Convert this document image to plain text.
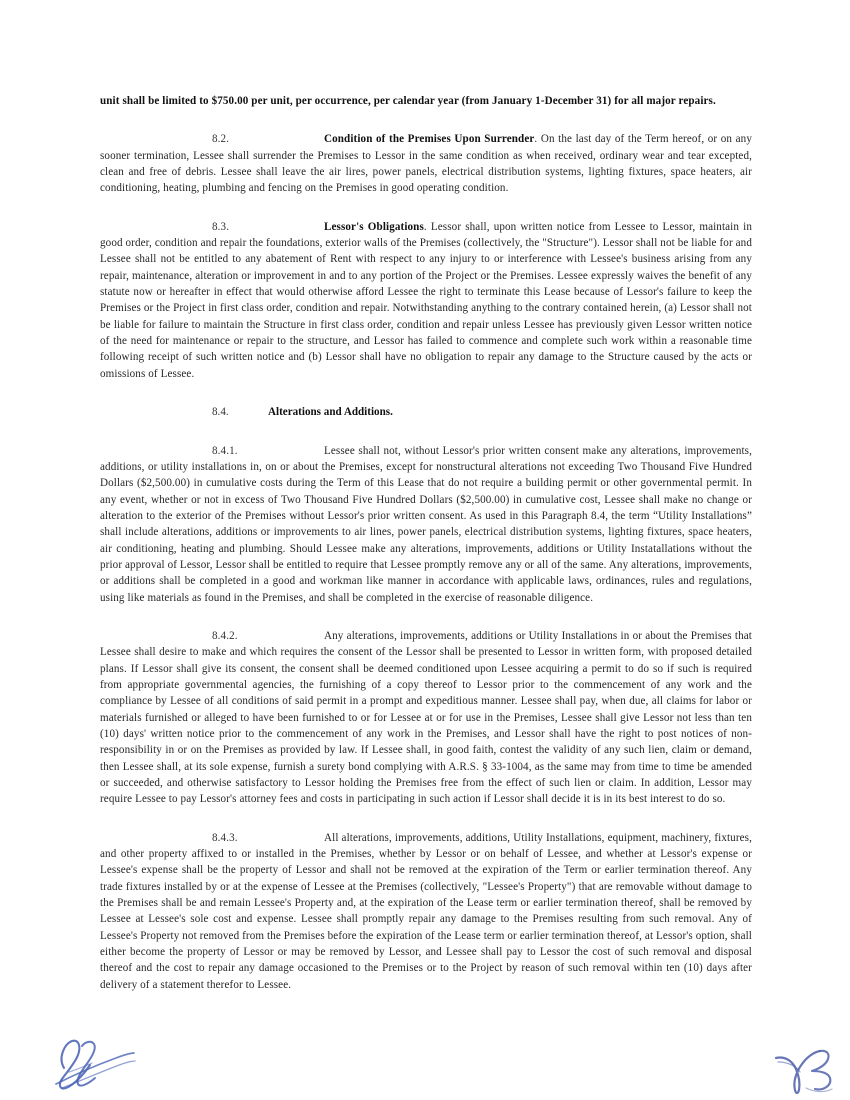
unit shall be limited to $750.00 per unit, per occurrence, per calendar year (from January 1-December 31) for all major repairs.

8.2.	Condition of the Premises Upon Surrender. On the last day of the Term hereof, or on any sooner termination, Lessee shall surrender the Premises to Lessor in the same condition as when received, ordinary wear and tear excepted, clean and free of debris. Lessee shall leave the air lires, power panels, electrical distribution systems, lighting fixtures, space heaters, air conditioning, heating, plumbing and fencing on the Premises in good operating condition.

8.3.	Lessor's Obligations. Lessor shall, upon written notice from Lessee to Lessor, maintain in good order, condition and repair the foundations, exterior walls of the Premises (collectively, the "Structure"). Lessor shall not be liable for and Lessee shall not be entitled to any abatement of Rent with respect to any injury to or interference with Lessee's business arising from any repair, maintenance, alteration or improvement in and to any portion of the Project or the Premises. Lessee expressly waives the benefit of any statute now or hereafter in effect that would otherwise afford Lessee the right to terminate this Lease because of Lessor's failure to keep the Premises or the Project in first class order, condition and repair. Notwithstanding anything to the contrary contained herein, (a) Lessor shall not be liable for failure to maintain the Structure in first class order, condition and repair unless Lessee has previously given Lessor written notice of the need for maintenance or repair to the structure, and Lessor has failed to commence and complete such work within a reasonable time following receipt of such written notice and (b) Lessor shall have no obligation to repair any damage to the Structure caused by the acts or omissions of Lessee.

8.4.	Alterations and Additions.

8.4.1.	Lessee shall not, without Lessor's prior written consent make any alterations, improvements, additions, or utility installations in, on or about the Premises, except for nonstructural alterations not exceeding Two Thousand Five Hundred Dollars ($2,500.00) in cumulative costs during the Term of this Lease that do not require a building permit or other governmental permit. In any event, whether or not in excess of Two Thousand Five Hundred Dollars ($2,500.00) in cumulative cost, Lessee shall make no change or alteration to the exterior of the Premises without Lessor's prior written consent. As used in this Paragraph 8.4, the term “Utility Installations” shall include alterations, additions or improvements to air lines, power panels, electrical distribution systems, lighting fixtures, space heaters, air conditioning, heating and plumbing. Should Lessee make any alterations, improvements, additions or Utility Instatallations without the prior approval of Lessor, Lessor shall be entitled to require that Lessee promptly remove any or all of the same. Any alterations, improvements, or additions shall be completed in a good and workman like manner in accordance with applicable laws, ordinances, rules and regulations, using like materials as found in the Premises, and shall be completed in the exercise of reasonable diligence.

8.4.2.	Any alterations, improvements, additions or Utility Installations in or about the Premises that Lessee shall desire to make and which requires the consent of the Lessor shall be presented to Lessor in written form, with proposed detailed plans. If Lessor shall give its consent, the consent shall be deemed conditioned upon Lessee acquiring a permit to do so if such is required from appropriate governmental agencies, the furnishing of a copy thereof to Lessor prior to the commencement of any work and the compliance by Lessee of all conditions of said permit in a prompt and expeditious manner. Lessee shall pay, when due, all claims for labor or materials furnished or alleged to have been furnished to or for Lessee at or for use in the Premises, Lessee shall give Lessor not less than ten (10) days' written notice prior to the commencement of any work in the Premises, and Lessor shall have the right to post notices of non-responsibility in or on the Premises as provided by law. If Lessee shall, in good faith, contest the validity of any such lien, claim or demand, then Lessee shall, at its sole expense, furnish a surety bond complying with A.R.S. § 33-1004, as the same may from time to time be amended or succeeded, and otherwise satisfactory to Lessor holding the Premises free from the effect of such lien or claim. In addition, Lessor may require Lessee to pay Lessor's attorney fees and costs in participating in such action if Lessor shall decide it is in its best interest to do so.

8.4.3.	All alterations, improvements, additions, Utility Installations, equipment, machinery, fixtures, and other property affixed to or installed in the Premises, whether by Lessor or on behalf of Lessee, and whether at Lessor's expense or Lessee's expense shall be the property of Lessor and shall not be removed at the expiration of the Term or earlier termination thereof. Any trade fixtures installed by or at the expense of Lessee at the Premises (collectively, "Lessee's Property") that are removable without damage to the Premises shall be and remain Lessee's Property and, at the expiration of the Lease term or earlier termination thereof, shall be removed by Lessee at Lessee's sole cost and expense. Lessee shall promptly repair any damage to the Premises resulting from such removal. Any of Lessee's Property not removed from the Premises before the expiration of the Lease term or earlier termination thereof, at Lessor's option, shall either become the property of Lessor or may be removed by Lessor, and Lessee shall pay to Lessor the cost of such removal and disposal thereof and the cost to repair any damage occasioned to the Premises or to the Project by reason of such removal within ten (10) days after delivery of a statement therefor to Lessee.
